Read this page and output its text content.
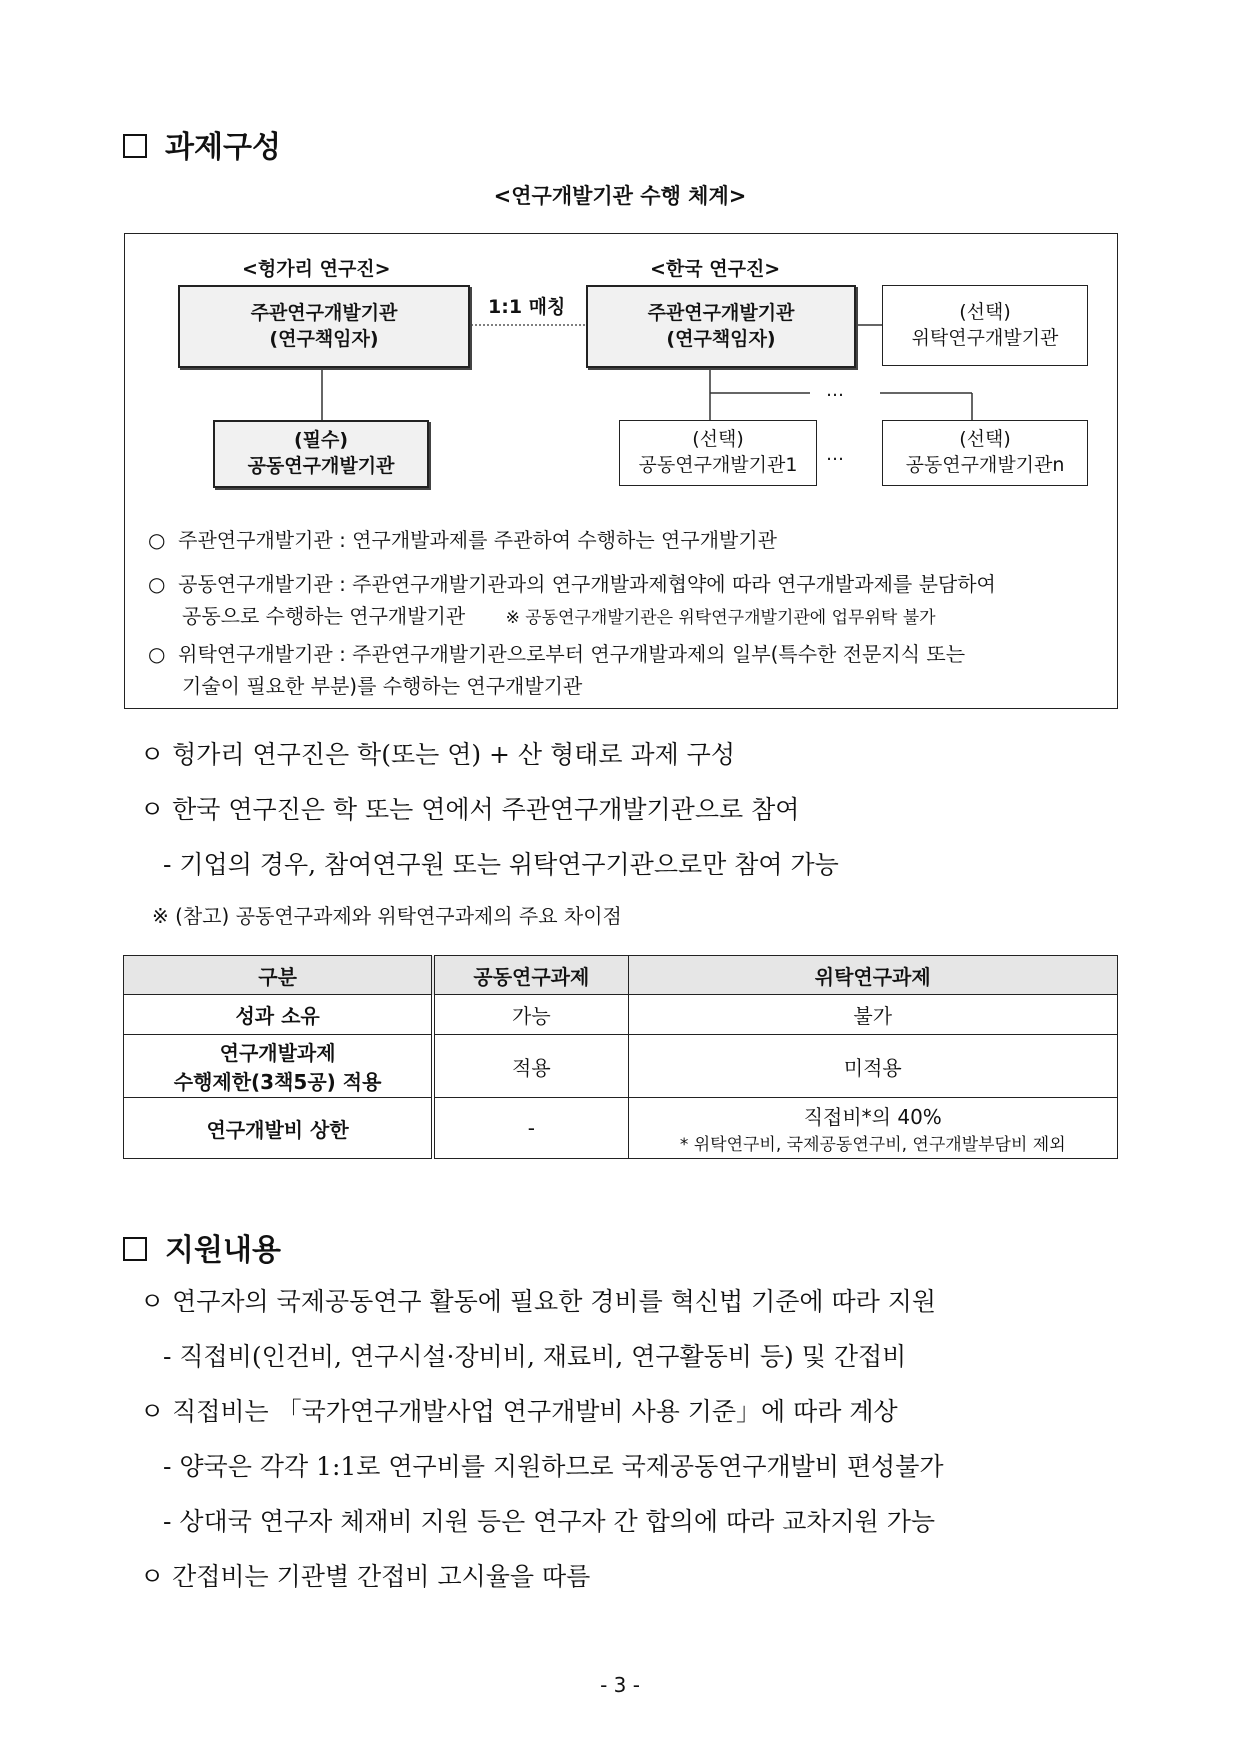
과제구성
<연구개발기관 수행 체계>
<헝가리 연구진>	<한국 연구진>
1:1 매칭
주관연구개발기관
(연구책임자)
(필수)
공동연구개발기관
주관연구개발기관
(연구책임자)
(선택)
위탁연구개발기관
(선택)
공동연구개발기관1
(선택)
공동연구개발기관n
…
…
○ 주관연구개발기관 : 연구개발과제를 주관하여 수행하는 연구개발기관
○ 공동연구개발기관 : 주관연구개발기관과의 연구개발과제협약에 따라 연구개발과제를 분담하여
공동으로 수행하는 연구개발기관 ※ 공동연구개발기관은 위탁연구개발기관에 업무위탁 불가
○ 위탁연구개발기관 : 주관연구개발기관으로부터 연구개발과제의 일부(특수한 전문지식 또는
기술이 필요한 부분)를 수행하는 연구개발기관
ㅇ 헝가리 연구진은 학(또는 연) + 산 형태로 과제 구성
ㅇ 한국 연구진은 학 또는 연에서 주관연구개발기관으로 참여
- 기업의 경우, 참여연구원 또는 위탁연구기관으로만 참여 가능
※ (참고) 공동연구과제와 위탁연구과제의 주요 차이점
구분	공동연구과제	위탁연구과제
성과 소유	가능	불가

연구개발과제
수행제한(3책5공) 적용	적용	미적용
연구개발비 상한	-	직접비*의 40%
* 위탁연구비, 국제공동연구비, 연구개발부담비 제외
지원내용
ㅇ 연구자의 국제공동연구 활동에 필요한 경비를 혁신법 기준에 따라 지원
- 직접비(인건비, 연구시설·장비비, 재료비, 연구활동비 등) 및 간접비
ㅇ 직접비는 「국가연구개발사업 연구개발비 사용 기준」에 따라 계상
- 양국은 각각 1:1로 연구비를 지원하므로 국제공동연구개발비 편성불가
- 상대국 연구자 체재비 지원 등은 연구자 간 합의에 따라 교차지원 가능
ㅇ 간접비는 기관별 간접비 고시율을 따름
- 3 -
